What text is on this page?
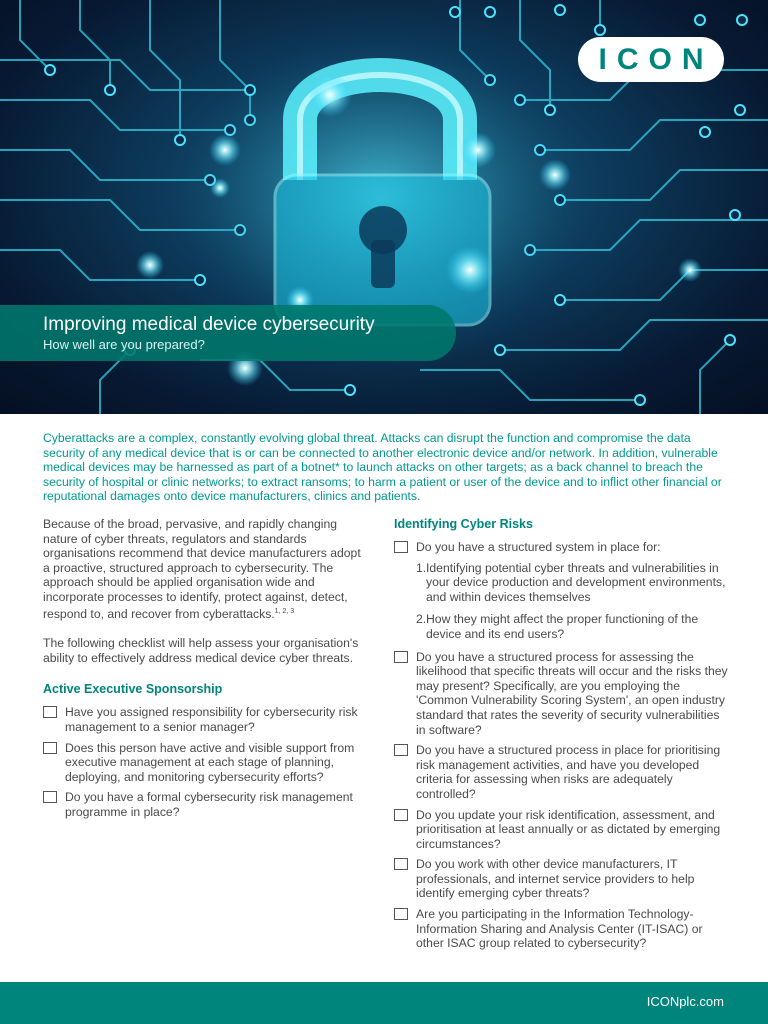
ICON
Improving medical device cybersecurity
How well are you prepared?

Cyberattacks are a complex, constantly evolving global threat. Attacks can disrupt the function and compromise the data security of any medical device that is or can be connected to another electronic device and/or network. In addition, vulnerable medical devices may be harnessed as part of a botnet* to launch attacks on other targets; as a back channel to breach the security of hospital or clinic networks; to extract ransoms; to harm a patient or user of the device and to inflict other financial or reputational damages onto device manufacturers, clinics and patients.

Because of the broad, pervasive, and rapidly changing nature of cyber threats, regulators and standards organisations recommend that device manufacturers adopt a proactive, structured approach to cybersecurity. The approach should be applied organisation wide and incorporate processes to identify, protect against, detect, respond to, and recover from cyberattacks.$^{1, 2, 3}$

The following checklist will help assess your organisation's ability to effectively address medical device cyber threats.

Active Executive Sponsorship
Have you assigned responsibility for cybersecurity risk management to a senior manager?
Does this person have active and visible support from executive management at each stage of planning, deploying, and monitoring cybersecurity efforts?
Do you have a formal cybersecurity risk management programme in place?
Identifying Cyber Risks
Do you have a structured system in place for:
1. Identifying potential cyber threats and vulnerabilities in your device production and development environments, and within devices themselves
2. How they might affect the proper functioning of the device and its end users?
Do you have a structured process for assessing the likelihood that specific threats will occur and the risks they may present? Specifically, are you employing the 'Common Vulnerability Scoring System', an open industry standard that rates the severity of security vulnerabilities in software?
Do you have a structured process in place for prioritising risk management activities, and have you developed criteria for assessing when risks are adequately controlled?
Do you update your risk identification, assessment, and prioritisation at least annually or as dictated by emerging circumstances?
Do you work with other device manufacturers, IT professionals, and internet service providers to help identify emerging cyber threats?
Are you participating in the Information Technology-Information Sharing and Analysis Center (IT-ISAC) or other ISAC group related to cybersecurity?
ICONplc.com
